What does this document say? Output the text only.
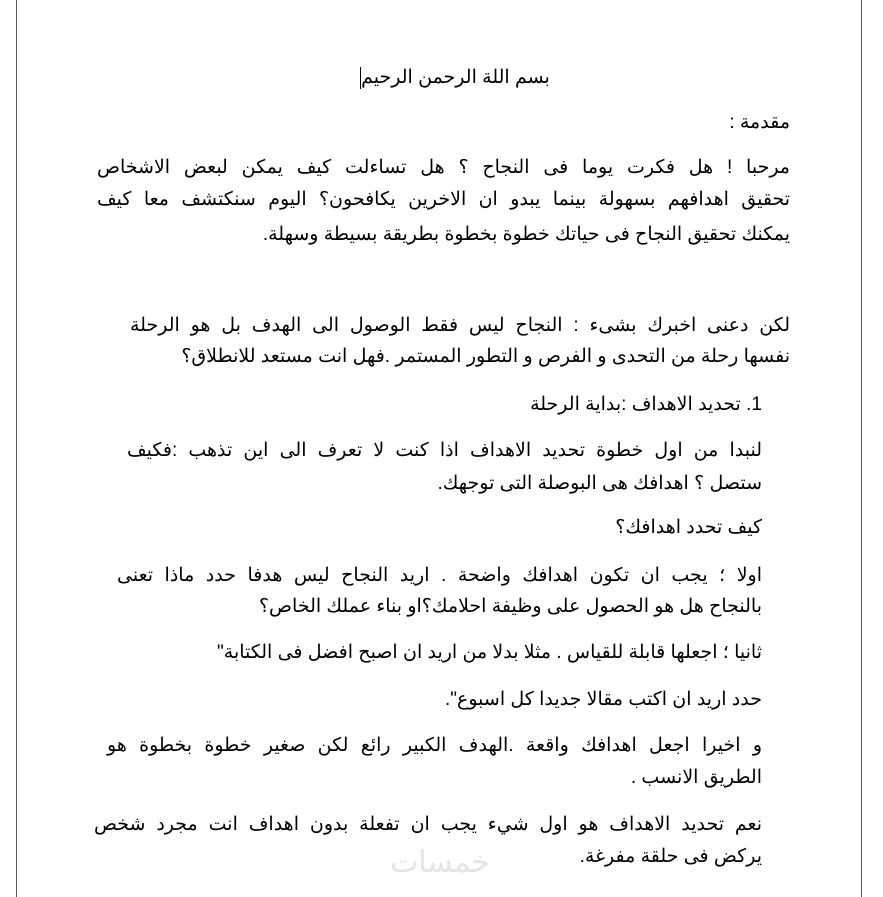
بسم اللة الرحمن الرحيم
مقدمة :
مرحبا ! هل فكرت يوما فى النجاح ؟ هل تساءلت كيف يمكن لبعض الاشخاص
تحقيق اهدافهم بسهولة بينما يبدو ان الاخرين يكافحون؟ اليوم سنكتشف معا كيف
يمكنك تحقيق النجاح فى حياتك خطوة بخطوة بطريقة بسيطة وسهلة.
لكن دعنى اخبرك بشىء : النجاح ليس فقط الوصول الى الهدف بل هو الرحلة
نفسها رحلة من التحدى و الفرص و التطور المستمر .فهل انت مستعد للانطلاق؟
1. تحديد الاهداف :بداية الرحلة
لنبدا من اول خطوة تحديد الاهداف اذا كنت لا تعرف الى اين تذهب :فكيف
ستصل ؟ اهدافك هى البوصلة التى توجهك.
كيف تحدد اهدافك؟
اولا ؛ يجب ان تكون اهدافك واضحة . اريد النجاح ليس هدفا حدد ماذا تعنى
بالنجاح هل هو الحصول على وظيفة احلامك؟او بناء عملك الخاص؟
ثانيا ؛ اجعلها قابلة للقياس . مثلا بدلا من اريد ان اصبح افضل فى الكتابة"
حدد اريد ان اكتب مقالا جديدا كل اسبوع".
و اخيرا اجعل اهدافك واقعة .الهدف الكبير رائع لكن صغير خطوة بخطوة هو
الطريق الانسب .
نعم تحديد الاهداف هو اول شيء يجب ان تفعلة بدون اهداف انت مجرد شخص
يركض فى حلقة مفرغة.
خمسات
